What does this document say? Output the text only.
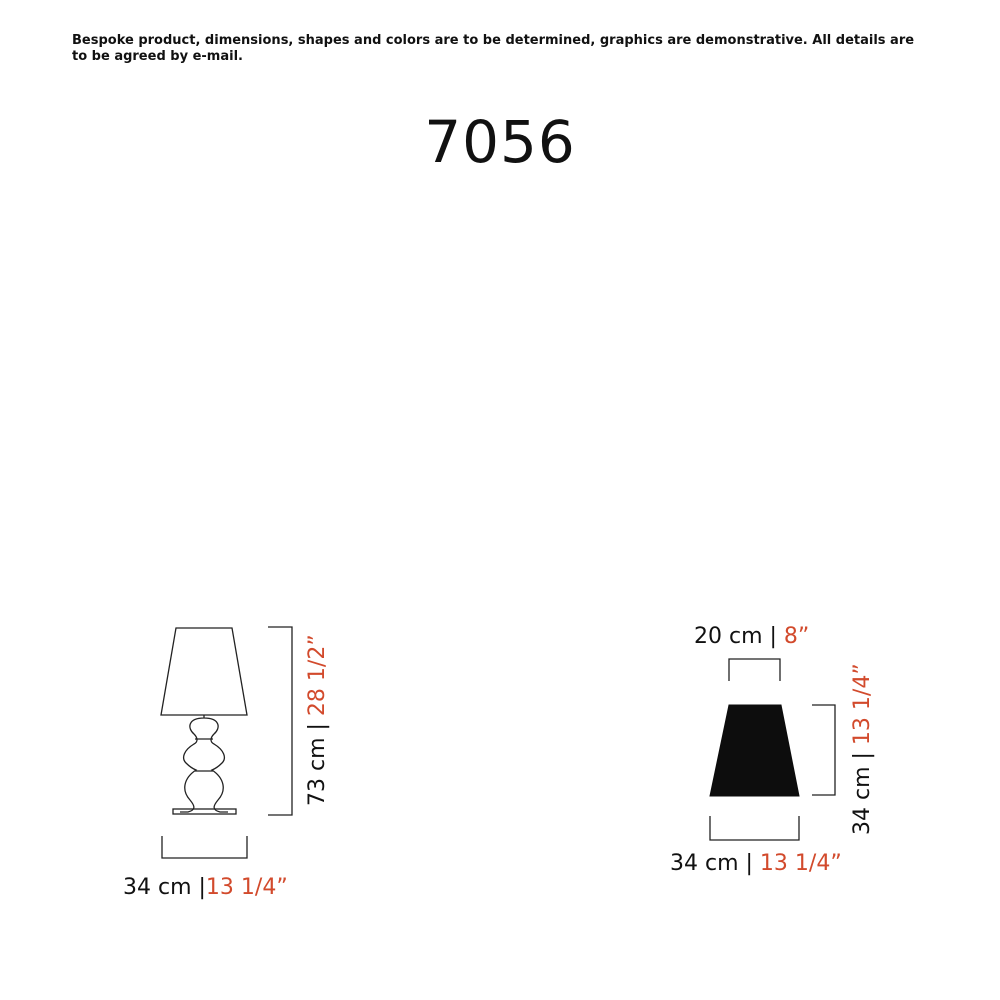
Bespoke product, dimensions, shapes and colors are to be determined, graphics are demonstrative. All details are to be agreed by e-mail.
7056
73 cm | 28 1/2”
34 cm |13 1/4”
20 cm | 8”
34 cm | 13 1/4”
34 cm | 13 1/4”
